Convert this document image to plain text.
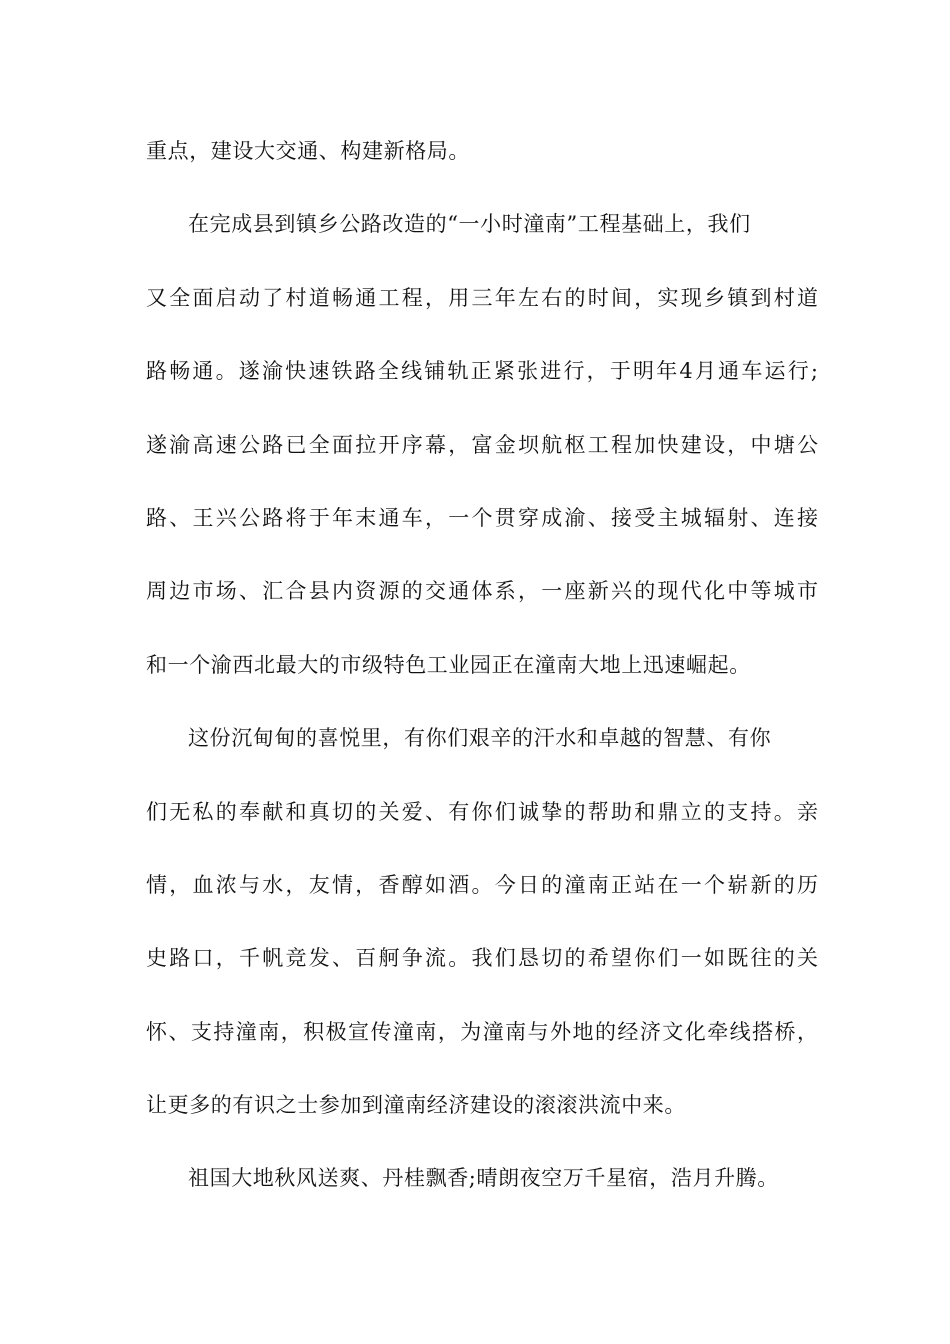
重点，建设大交通、构建新格局。
在完成县到镇乡公路改造的“一小时潼南”工程基础上，我们
又全面启动了村道畅通工程，用三年左右的时间，实现乡镇到村道
路畅通。遂渝快速铁路全线铺轨正紧张进行，于明年4月通车运行;
遂渝高速公路已全面拉开序幕，富金坝航枢工程加快建设，中塘公
路、王兴公路将于年末通车，一个贯穿成渝、接受主城辐射、连接
周边市场、汇合县内资源的交通体系，一座新兴的现代化中等城市
和一个渝西北最大的市级特色工业园正在潼南大地上迅速崛起。
这份沉甸甸的喜悦里，有你们艰辛的汗水和卓越的智慧、有你
们无私的奉献和真切的关爱、有你们诚挚的帮助和鼎立的支持。亲
情，血浓与水，友情，香醇如酒。今日的潼南正站在一个崭新的历
史路口，千帆竞发、百舸争流。我们恳切的希望你们一如既往的关
怀、支持潼南，积极宣传潼南，为潼南与外地的经济文化牵线搭桥，
让更多的有识之士参加到潼南经济建设的滚滚洪流中来。
祖国大地秋风送爽、丹桂飘香;晴朗夜空万千星宿，浩月升腾。
